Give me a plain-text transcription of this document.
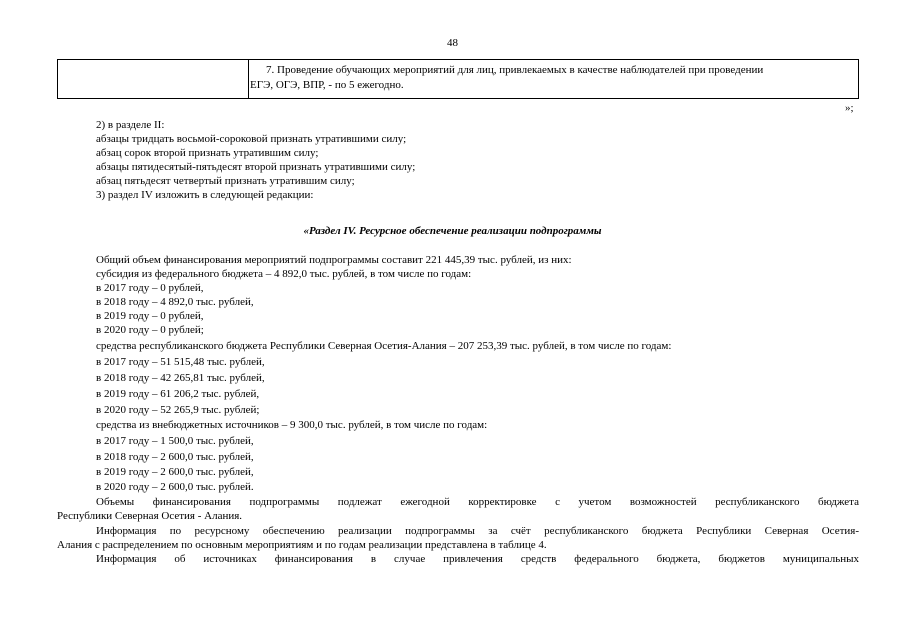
48
7. Проведение обучающих мероприятий для лиц, привлекаемых в качестве наблюдателей при проведении
ЕГЭ, ОГЭ, ВПР, - по 5 ежегодно.
»;
2) в разделе II:
абзацы тридцать восьмой-сороковой признать утратившими силу;
абзац сорок второй признать утратившим силу;
абзацы пятидесятый-пятьдесят второй признать утратившими силу;
абзац пятьдесят четвертый признать утратившим силу;
3) раздел IV изложить в следующей редакции:
«Раздел IV. Ресурсное обеспечение реализации подпрограммы
Общий объем финансирования мероприятий подпрограммы составит 221 445,39 тыс. рублей, из них:
субсидия из федерального бюджета – 4 892,0 тыс. рублей, в том числе по годам:
в 2017 году – 0 рублей,
в 2018 году – 4 892,0 тыс. рублей,
в 2019 году – 0 рублей,
в 2020 году – 0 рублей;
средства республиканского бюджета Республики Северная Осетия-Алания – 207 253,39 тыс. рублей, в том числе по годам:
в 2017 году – 51 515,48 тыс. рублей,
в 2018 году – 42 265,81 тыс. рублей,
в 2019 году – 61 206,2 тыс. рублей,
в 2020 году – 52 265,9 тыс. рублей;
средства из внебюджетных источников – 9 300,0 тыс. рублей, в том числе по годам:
в 2017 году – 1 500,0 тыс. рублей,
в 2018 году – 2 600,0 тыс. рублей,
в 2019 году – 2 600,0 тыс. рублей,
в 2020 году – 2 600,0 тыс. рублей.
Объемы финансирования подпрограммы подлежат ежегодной корректировке с учетом возможностей республиканского бюджета
Республики Северная Осетия - Алания.
Информация по ресурсному обеспечению реализации подпрограммы за счёт республиканского бюджета Республики Северная Осетия-
Алания с распределением по основным мероприятиям и по годам реализации представлена в таблице 4.
Информация об источниках финансирования в случае привлечения средств федерального бюджета, бюджетов муниципальных
